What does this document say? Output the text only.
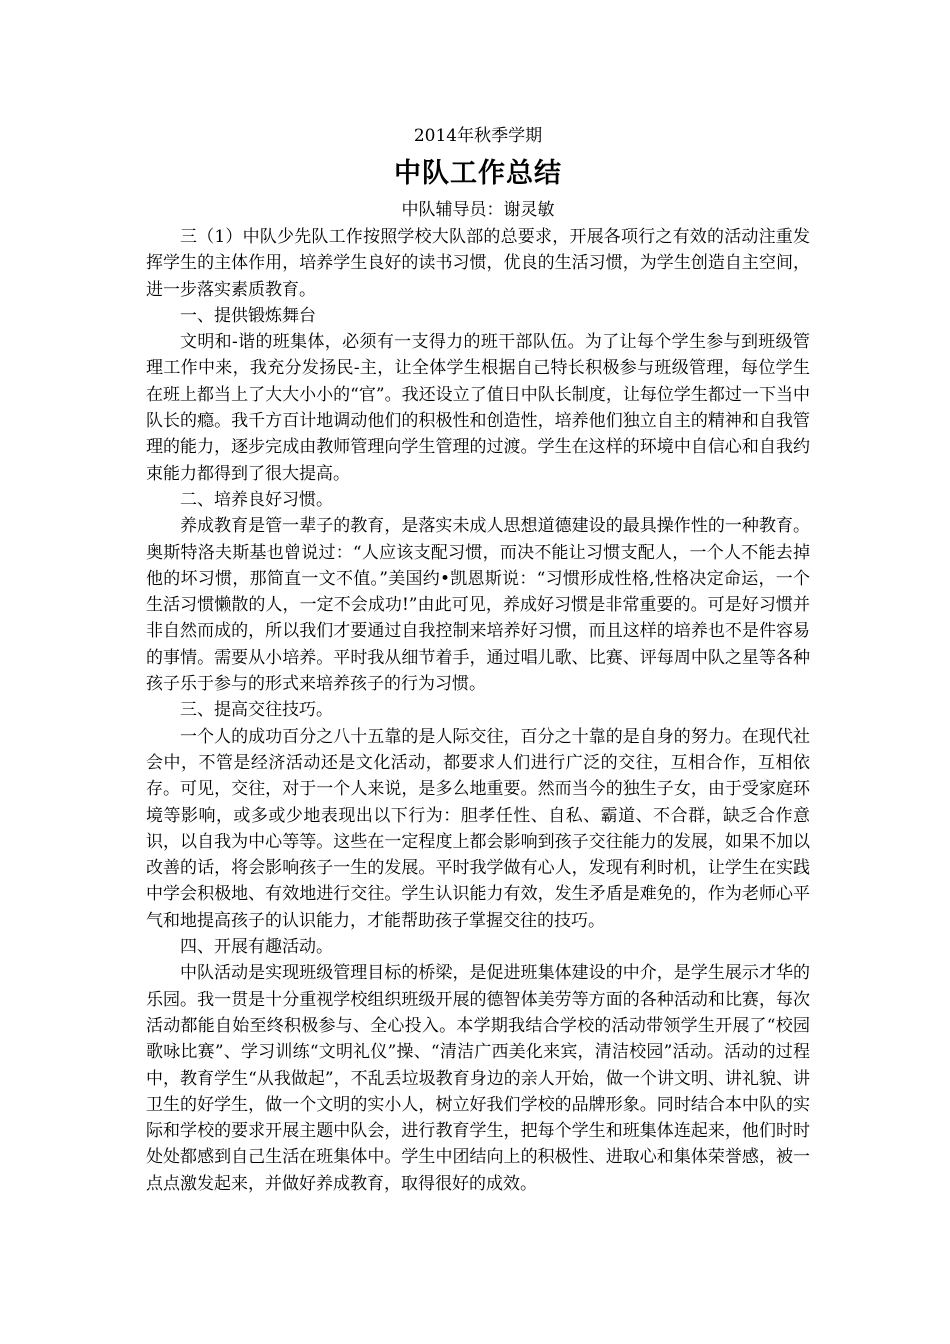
2014年秋季学期

中队工作总结

中队辅导员：谢灵敏

三（1）中队少先队工作按照学校大队部的总要求，开展各项行之有效的活动注重发挥学生的主体作用，培养学生良好的读书习惯，优良的生活习惯，为学生创造自主空间，进一步落实素质教育。

一、提供锻炼舞台

文明和-谐的班集体，必须有一支得力的班干部队伍。为了让每个学生参与到班级管理工作中来，我充分发扬民-主，让全体学生根据自己特长积极参与班级管理，每位学生在班上都当上了大大小小的“官”。我还设立了值日中队长制度，让每位学生都过一下当中队长的瘾。我千方百计地调动他们的积极性和创造性，培养他们独立自主的精神和自我管理的能力，逐步完成由教师管理向学生管理的过渡。学生在这样的环境中自信心和自我约束能力都得到了很大提高。

二、培养良好习惯。

养成教育是管一辈子的教育，是落实未成人思想道德建设的最具操作性的一种教育。奥斯特洛夫斯基也曾说过：“人应该支配习惯，而决不能让习惯支配人，一个人不能去掉他的坏习惯，那简直一文不值。”美国约•凯恩斯说：“习惯形成性格,性格决定命运，一个生活习惯懒散的人，一定不会成功!”由此可见，养成好习惯是非常重要的。可是好习惯并非自然而成的，所以我们才要通过自我控制来培养好习惯，而且这样的培养也不是件容易的事情。需要从小培养。平时我从细节着手，通过唱儿歌、比赛、评每周中队之星等各种孩子乐于参与的形式来培养孩子的行为习惯。

三、提高交往技巧。

一个人的成功百分之八十五靠的是人际交往，百分之十靠的是自身的努力。在现代社会中，不管是经济活动还是文化活动，都要求人们进行广泛的交往，互相合作，互相依存。可见，交往，对于一个人来说，是多么地重要。然而当今的独生子女，由于受家庭环境等影响，或多或少地表现出以下行为：胆孝任性、自私、霸道、不合群，缺乏合作意识，以自我为中心等等。这些在一定程度上都会影响到孩子交往能力的发展，如果不加以改善的话，将会影响孩子一生的发展。平时我学做有心人，发现有利时机，让学生在实践中学会积极地、有效地进行交往。学生认识能力有效，发生矛盾是难免的，作为老师心平气和地提高孩子的认识能力，才能帮助孩子掌握交往的技巧。

四、开展有趣活动。

中队活动是实现班级管理目标的桥梁，是促进班集体建设的中介，是学生展示才华的乐园。我一贯是十分重视学校组织班级开展的德智体美劳等方面的各种活动和比赛，每次活动都能自始至终积极参与、全心投入。本学期我结合学校的活动带领学生开展了“校园歌咏比赛”、学习训练“文明礼仪”操、“清洁广西美化来宾，清洁校园”活动。活动的过程中，教育学生“从我做起”，不乱丢垃圾教育身边的亲人开始，做一个讲文明、讲礼貌、讲卫生的好学生，做一个文明的实小人，树立好我们学校的品牌形象。同时结合本中队的实际和学校的要求开展主题中队会，进行教育学生，把每个学生和班集体连起来，他们时时处处都感到自己生活在班集体中。学生中团结向上的积极性、进取心和集体荣誉感，被一点点激发起来，并做好养成教育，取得很好的成效。
